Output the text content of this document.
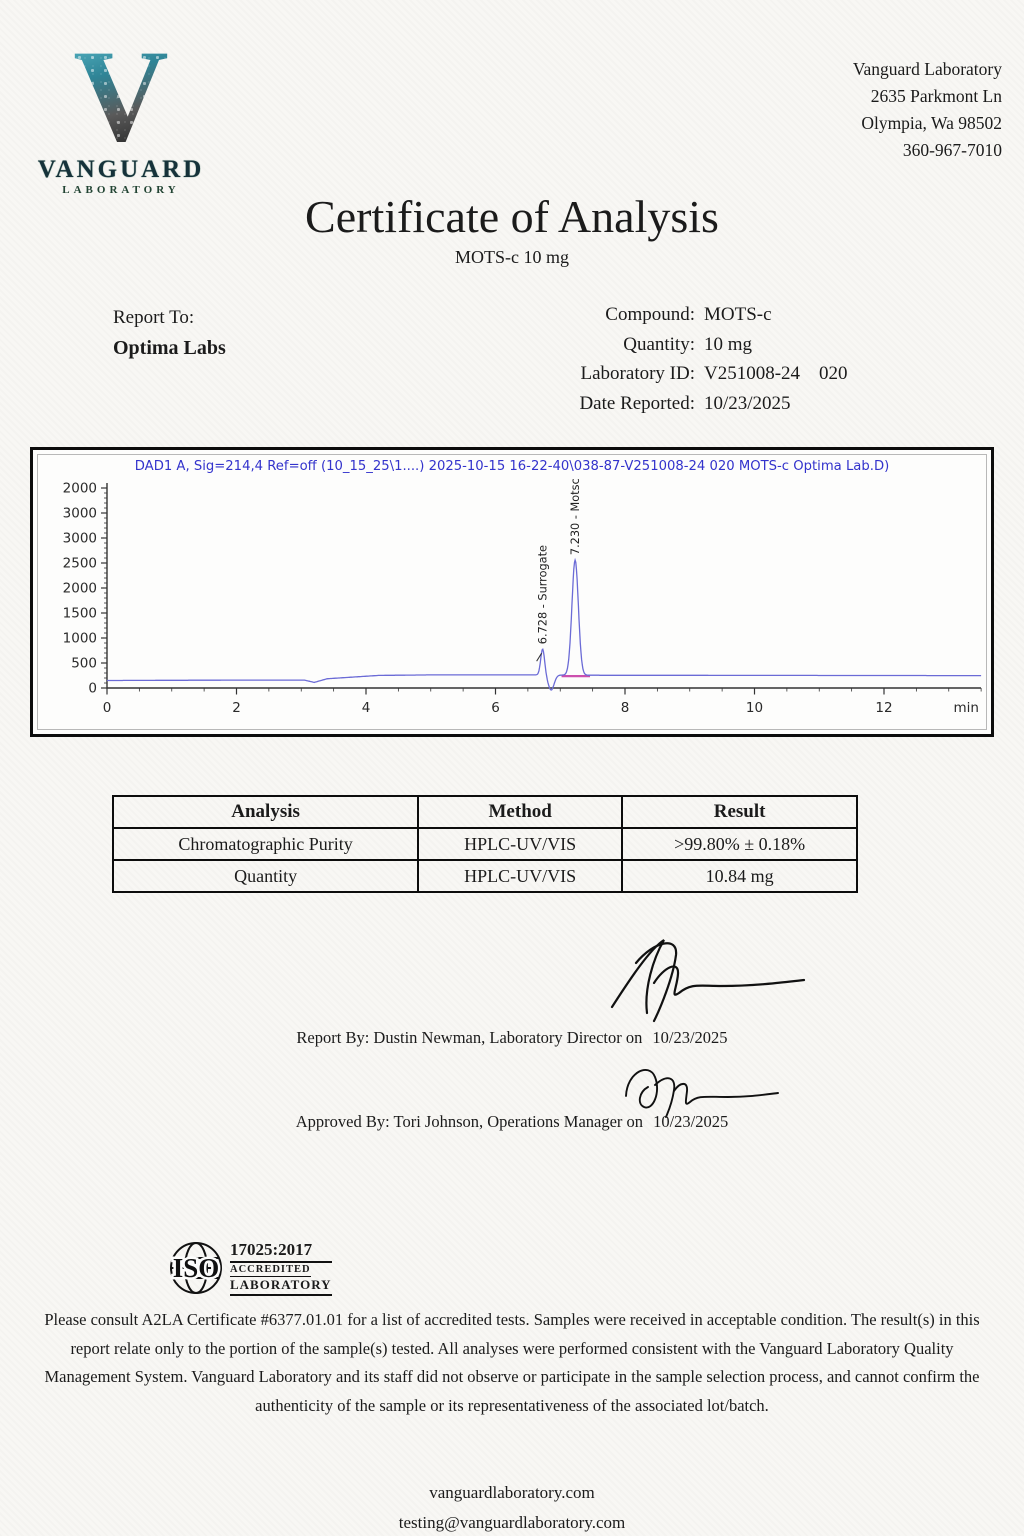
V
VANGUARD
LABORATORY
Vanguard Laboratory
2635 Parkmont Ln
Olympia, Wa 98502
360-967-7010
Certificate of Analysis
MOTS-c 10 mg
Report To:
Optima Labs
Compound: MOTS-c
Quantity: 10 mg
Laboratory ID: V251008-24    020
Date Reported: 10/23/2025
DAD1 A, Sig=214,4 Ref=off (10_15_25\1....) 2025-10-15 16-22-40\038-87-V251008-24 020 MOTS-c Optima Lab.D)
2000
3000
3000
2500
2000
1500
1000
500
0
0	2	4	6	8	10	12	min
6.728 - Surrogate
7.230 - Motsc
Analysis	Method	Result
Chromatographic Purity	HPLC-UV/VIS	>99.80% ± 0.18%
Quantity	HPLC-UV/VIS	10.84 mg
Report By: Dustin Newman, Laboratory Director on 10/23/2025
Approved By: Tori Johnson, Operations Manager on 10/23/2025
ISO
17025:2017
ACCREDITED
LABORATORY
Please consult A2LA Certificate #6377.01.01 for a list of accredited tests. Samples were received in acceptable condition. The result(s) in this report relate only to the portion of the sample(s) tested. All analyses were performed consistent with the Vanguard Laboratory Quality Management System. Vanguard Laboratory and its staff did not observe or participate in the sample selection process, and cannot confirm the authenticity of the sample or its representativeness of the associated lot/batch.
vanguardlaboratory.com
testing@vanguardlaboratory.com
